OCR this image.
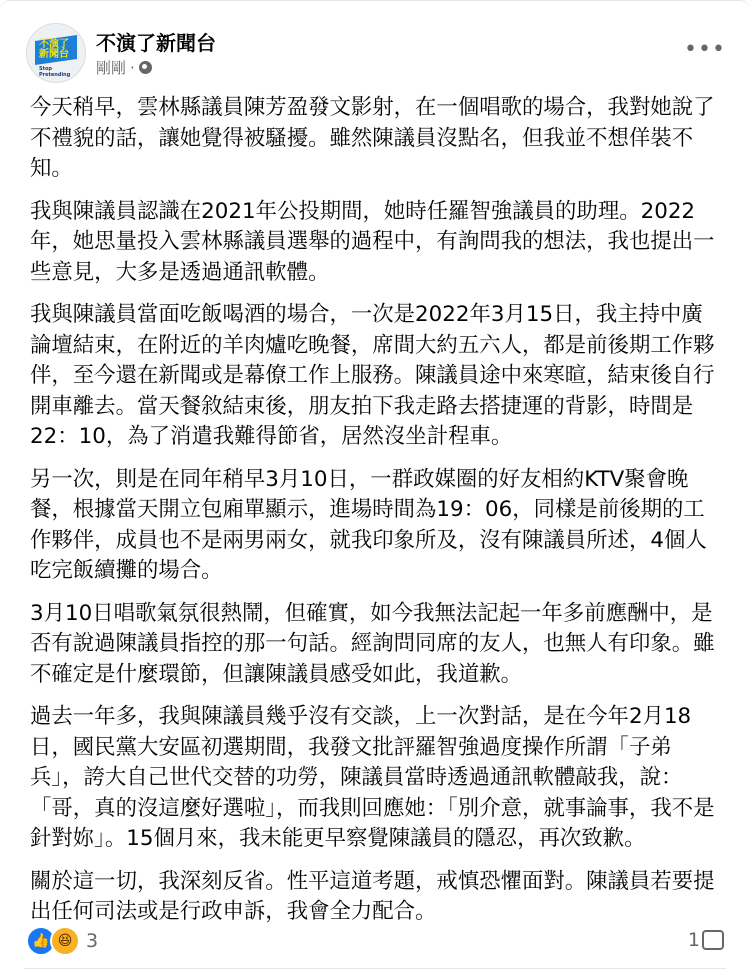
不演了新聞台
Stop Pretending
不演了新聞台
剛剛 ·
•••

今天稍早，雲林縣議員陳芳盈發文影射，在一個唱歌的場合，我對她說了不禮貌的話，讓她覺得被騷擾。雖然陳議員沒點名，但我並不想佯裝不知。

我與陳議員認識在2021年公投期間，她時任羅智強議員的助理。2022年，她思量投入雲林縣議員選舉的過程中，有詢問我的想法，我也提出一些意見，大多是透過通訊軟體。

我與陳議員當面吃飯喝酒的場合，一次是2022年3月15日，我主持中廣論壇結束，在附近的羊肉爐吃晚餐，席間大約五六人，都是前後期工作夥伴，至今還在新聞或是幕僚工作上服務。陳議員途中來寒暄，結束後自行開車離去。當天餐敘結束後，朋友拍下我走路去搭捷運的背影，時間是22：10，為了消遣我難得節省，居然沒坐計程車。

另一次，則是在同年稍早3月10日，一群政媒圈的好友相約KTV聚會晚餐，根據當天開立包廂單顯示，進場時間為19：06，同樣是前後期的工作夥伴，成員也不是兩男兩女，就我印象所及，沒有陳議員所述，4個人吃完飯續攤的場合。

3月10日唱歌氣氛很熱鬧，但確實，如今我無法記起一年多前應酬中，是否有說過陳議員指控的那一句話。經詢問同席的友人，也無人有印象。雖不確定是什麼環節，但讓陳議員感受如此，我道歉。

過去一年多，我與陳議員幾乎沒有交談，上一次對話，是在今年2月18日，國民黨大安區初選期間，我發文批評羅智強過度操作所謂「子弟兵」，誇大自己世代交替的功勞，陳議員當時透過通訊軟體敲我，說：「哥，真的沒這麼好選啦」，而我則回應她：「別介意，就事論事，我不是針對妳」。15個月來，我未能更早察覺陳議員的隱忍，再次致歉。

關於這一切，我深刻反省。性平這道考題，戒慎恐懼面對。陳議員若要提出任何司法或是行政申訴，我會全力配合。

👍 😆 3	1
